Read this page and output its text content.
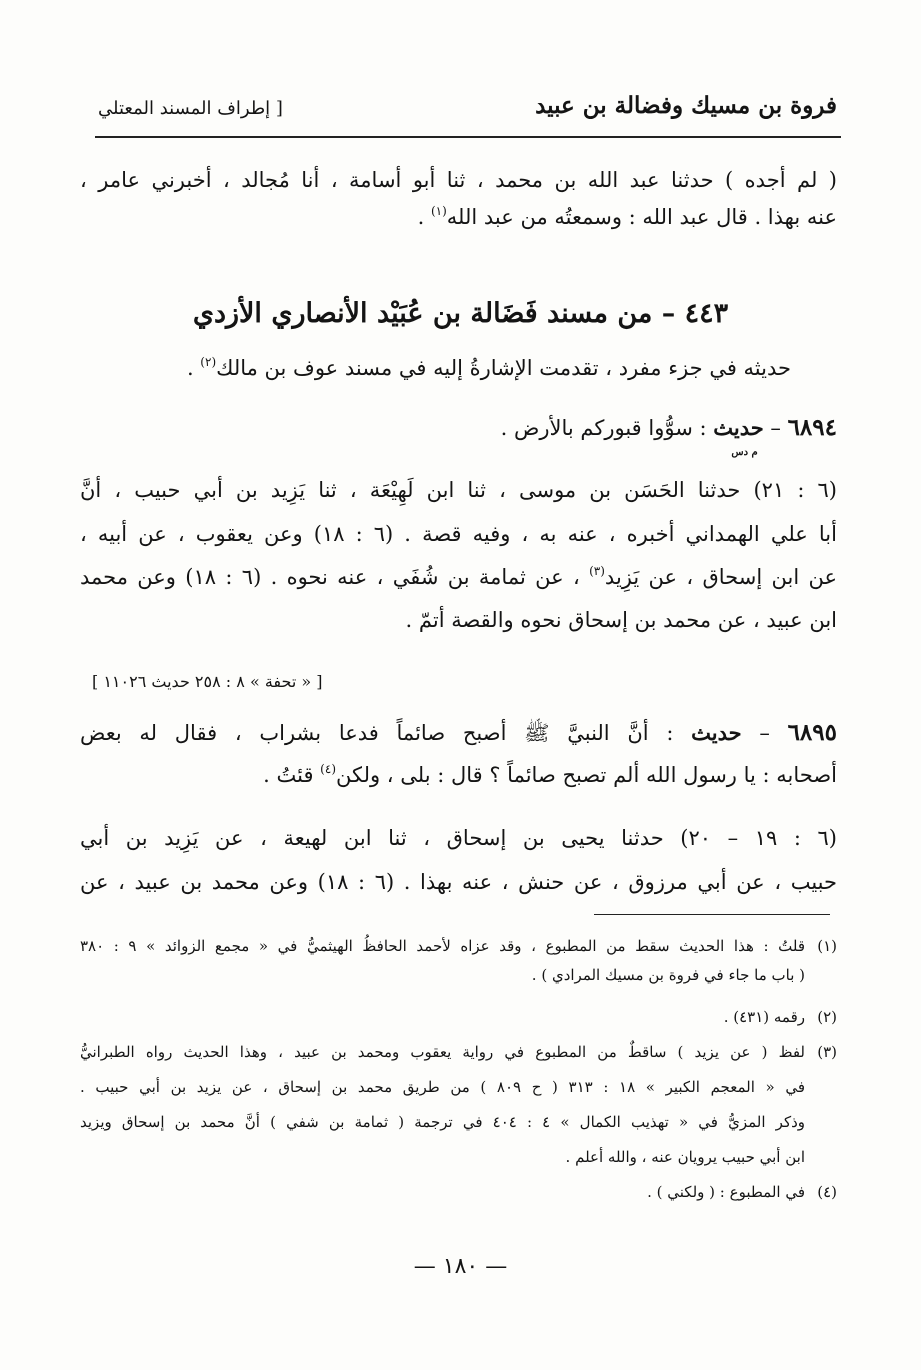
فروة بن مسيك وفضالة بن عبيد
[ إطراف المسند المعتلي
( لم أجده ) حدثنا عبد الله بن محمد ، ثنا أبو أسامة ، أنا مُجالد ، أخبرني عامر ،
عنه بهذا . قال عبد الله : وسمعتُه من عبد الله$^{(١)}$ .
٤٤٣ – من مسند فَضَالة بن عُبَيْد الأنصاري الأزدي
حديثه في جزء مفرد ، تقدمت الإشارةُ إليه في مسند عوف بن مالك$^{(٢)}$ .
٦٨٩٤ – حديث
م دس
: سوُّوا قبوركم بالأرض .
(٦ : ٢١) حدثنا الحَسَن بن موسى ، ثنا ابن لَهِيْعَة ، ثنا يَزِيد بن أبي حبيب ، أنَّ
أبا علي الهمداني أخبره ، عنه به ، وفيه قصة . (٦ : ١٨) وعن يعقوب ، عن أبيه ،
عن ابن إسحاق ، عن يَزِيد$^{(٣)}$ ، عن ثمامة بن شُفَي ، عنه نحوه . (٦ : ١٨) وعن محمد
ابن عبيد ، عن محمد بن إسحاق نحوه والقصة أتمّ .
[ « تحفة » ٨ : ٢٥٨ حديث ١١٠٢٦ ]
٦٨٩٥ – حديث : أنَّ النبيَّ ﷺ أصبح صائماً فدعا بشراب ، فقال له بعض
أصحابه : يا رسول الله ألم تصبح صائماً ؟ قال : بلى ، ولكن$^{(٤)}$ قئتُ .
(٦ : ١٩ – ٢٠) حدثنا يحيى بن إسحاق ، ثنا ابن لهيعة ، عن يَزِيد بن أبي
حبيب ، عن أبي مرزوق ، عن حنش ، عنه بهذا . (٦ : ١٨) وعن محمد بن عبيد ، عن
(١)
قلتُ : هذا الحديث سقط من المطبوع ، وقد عزاه لأحمد الحافظُ الهيثميُّ في « مجمع الزوائد » ٩ : ٣٨٠
( باب ما جاء في فروة بن مسيك المرادي ) .
(٢)
رقمه (٤٣١) .
(٣)
لفظ ( عن يزيد ) ساقطٌ من المطبوع في رواية يعقوب ومحمد بن عبيد ، وهذا الحديث رواه الطبرانيُّ
في « المعجم الكبير » ١٨ : ٣١٣ ( ح ٨٠٩ ) من طريق محمد بن إسحاق ، عن يزيد بن أبي حبيب .
وذكر المزيُّ في « تهذيب الكمال » ٤ : ٤٠٤ في ترجمة ( ثمامة بن شفي ) أنَّ محمد بن إسحاق ويزيد
ابن أبي حبيب يرويان عنه ، والله أعلم .
(٤)
في المطبوع : ( ولكني ) .
— ١٨٠ —
